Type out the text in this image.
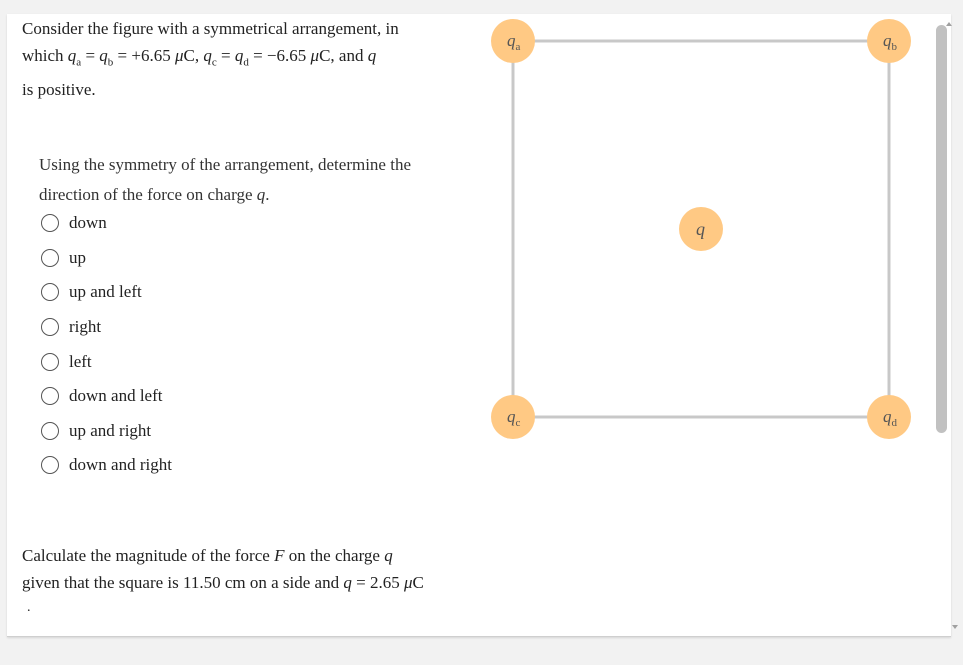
Consider the figure with a symmetrical arrangement, in
which $q_a = q_b = +6.65$ μC, $q_c = q_d = -6.65$ μC, and q
is positive.
Using the symmetry of the arrangement, determine the
direction of the force on charge q.
down
up
up and left
right
left
down and left
up and right
down and right
Calculate the magnitude of the force F on the charge q
given that the square is 11.50 cm on a side and q = 2.65 μC
.
$q_a$	$q_b$
$q_c$	$q_d$
q
